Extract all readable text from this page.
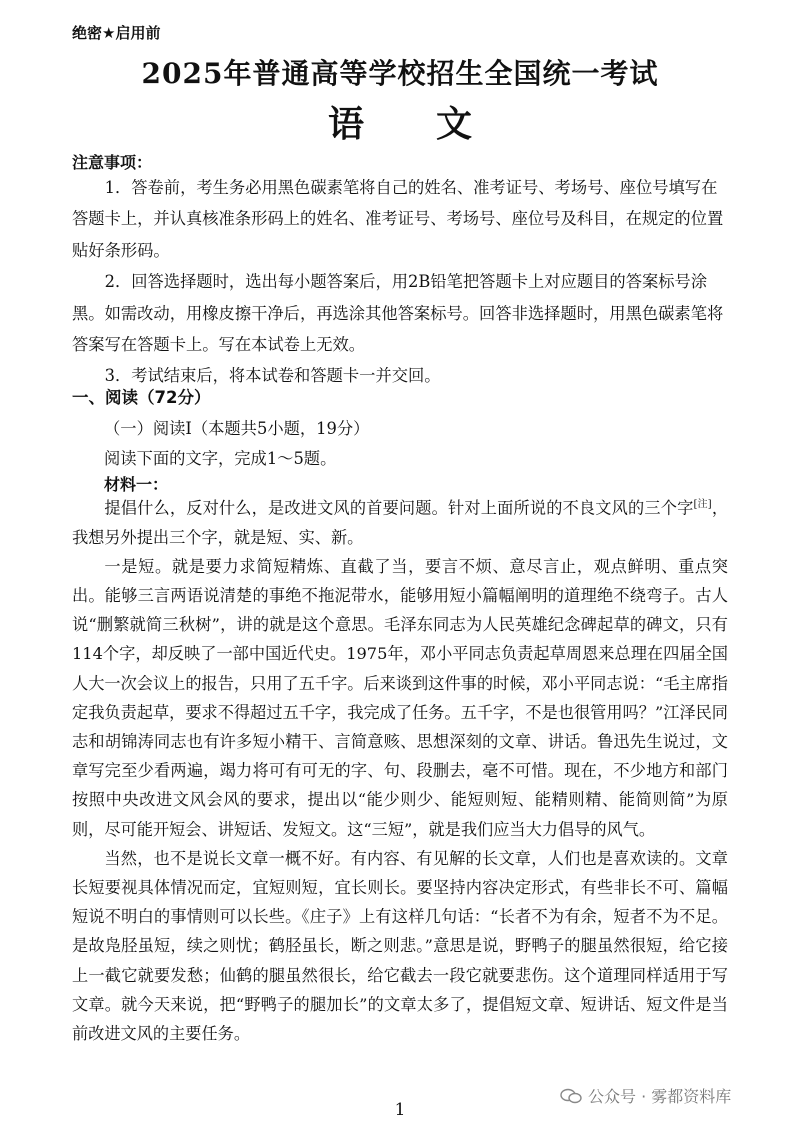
绝密★启用前
2025年普通高等学校招生全国统一考试
语　　文
注意事项：

1．答卷前，考生务必用黑色碳素笔将自己的姓名、准考证号、考场号、座位号填写在答题卡上，并认真核准条形码上的姓名、准考证号、考场号、座位号及科目，在规定的位置贴好条形码。

2．回答选择题时，选出每小题答案后，用2B铅笔把答题卡上对应题目的答案标号涂黑。如需改动，用橡皮擦干净后，再选涂其他答案标号。回答非选择题时，用黑色碳素笔将答案写在答题卡上。写在本试卷上无效。

3．考试结束后，将本试卷和答题卡一并交回。

一、阅读（72分）
（一）阅读Ⅰ（本题共5小题，19分）
阅读下面的文字，完成1～5题。
材料一：

提倡什么，反对什么，是改进文风的首要问题。针对上面所说的不良文风的三个字[注]，我想另外提出三个字，就是短、实、新。

一是短。就是要力求简短精炼、直截了当，要言不烦、意尽言止，观点鲜明、重点突出。能够三言两语说清楚的事绝不拖泥带水，能够用短小篇幅阐明的道理绝不绕弯子。古人说“删繁就简三秋树”，讲的就是这个意思。毛泽东同志为人民英雄纪念碑起草的碑文，只有114个字，却反映了一部中国近代史。1975年，邓小平同志负责起草周恩来总理在四届全国人大一次会议上的报告，只用了五千字。后来谈到这件事的时候，邓小平同志说：“毛主席指定我负责起草，要求不得超过五千字，我完成了任务。五千字，不是也很管用吗？”江泽民同志和胡锦涛同志也有许多短小精干、言简意赅、思想深刻的文章、讲话。鲁迅先生说过，文章写完至少看两遍，竭力将可有可无的字、句、段删去，毫不可惜。现在，不少地方和部门按照中央改进文风会风的要求，提出以“能少则少、能短则短、能精则精、能简则简”为原则，尽可能开短会、讲短话、发短文。这“三短”，就是我们应当大力倡导的风气。

当然，也不是说长文章一概不好。有内容、有见解的长文章，人们也是喜欢读的。文章长短要视具体情况而定，宜短则短，宜长则长。要坚持内容决定形式，有些非长不可、篇幅短说不明白的事情则可以长些。《庄子》上有这样几句话：“长者不为有余，短者不为不足。是故凫胫虽短，续之则忧；鹤胫虽长，断之则悲。”意思是说，野鸭子的腿虽然很短，给它接上一截它就要发愁；仙鹤的腿虽然很长，给它截去一段它就要悲伤。这个道理同样适用于写文章。就今天来说，把“野鸭子的腿加长”的文章太多了，提倡短文章、短讲话、短文件是当前改进文风的主要任务。

公众号 · 雾都资料库
1
